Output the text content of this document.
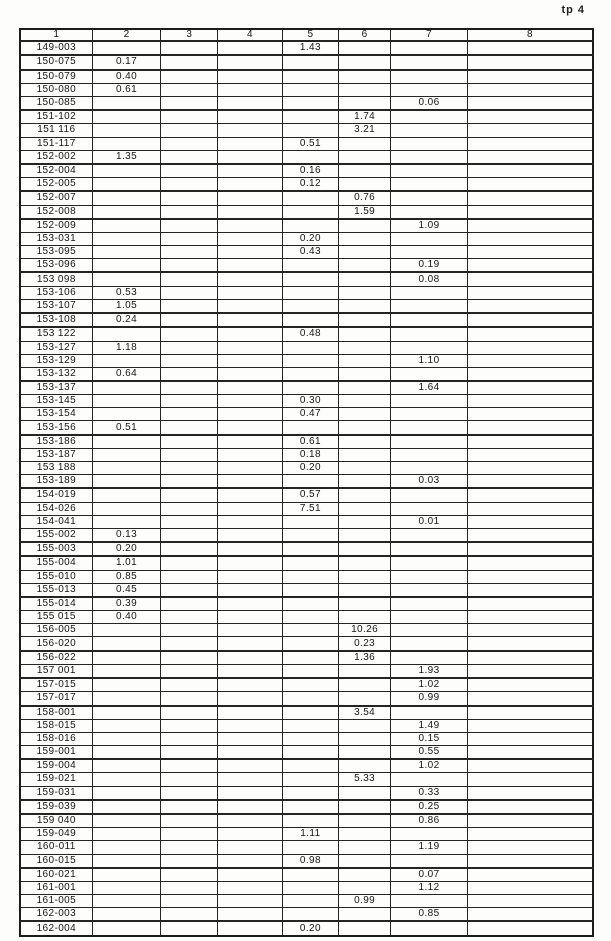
tp 4
1	2	3	4	5	6	7	8
149-003				1.43			
150-075	0.17						
150-079	0.40						
150-080	0.61						
150-085						0.06	
151-102					1.74		
151 116					3.21		
151-117				0.51			
152-002	1.35						
152-004				0.16			
152-005				0.12			
152-007					0.76		
152-008					1.59		
152-009						1.09	
153-031				0.20			
153-095				0.43			
153-096						0.19	
153 098						0.08	
153-106	0.53						
153-107	1.05						
153-108	0.24						
153 122				0.48			
153-127	1.18						
153-129						1.10	
153-132	0.64						
153-137						1.64	
153-145				0.30			
153-154				0.47			
153-156	0.51						
153-186				0.61			
153-187				0.18			
153 188				0.20			
153-189						0.03	
154-019				0.57			
154-026				7.51			
154-041						0.01	
155-002	0.13						
155-003	0.20						
155-004	1.01						
155-010	0.85						
155-013	0.45						
155-014	0.39						
155 015	0.40						
156-005					10.26		
156-020					0.23		
156-022					1.36		
157 001						1.93	
157-015						1.02	
157-017						0.99	
158-001					3.54		
158-015						1.49	
158-016						0.15	
159-001						0.55	
159-004						1.02	
159-021					5.33		
159-031						0.33	
159-039						0.25	
159 040						0.86	
159-049				1.11			
160-011						1.19	
160-015				0.98			
160-021						0.07	
161-001						1.12	
161-005					0.99		
162-003						0.85	
162-004				0.20			
